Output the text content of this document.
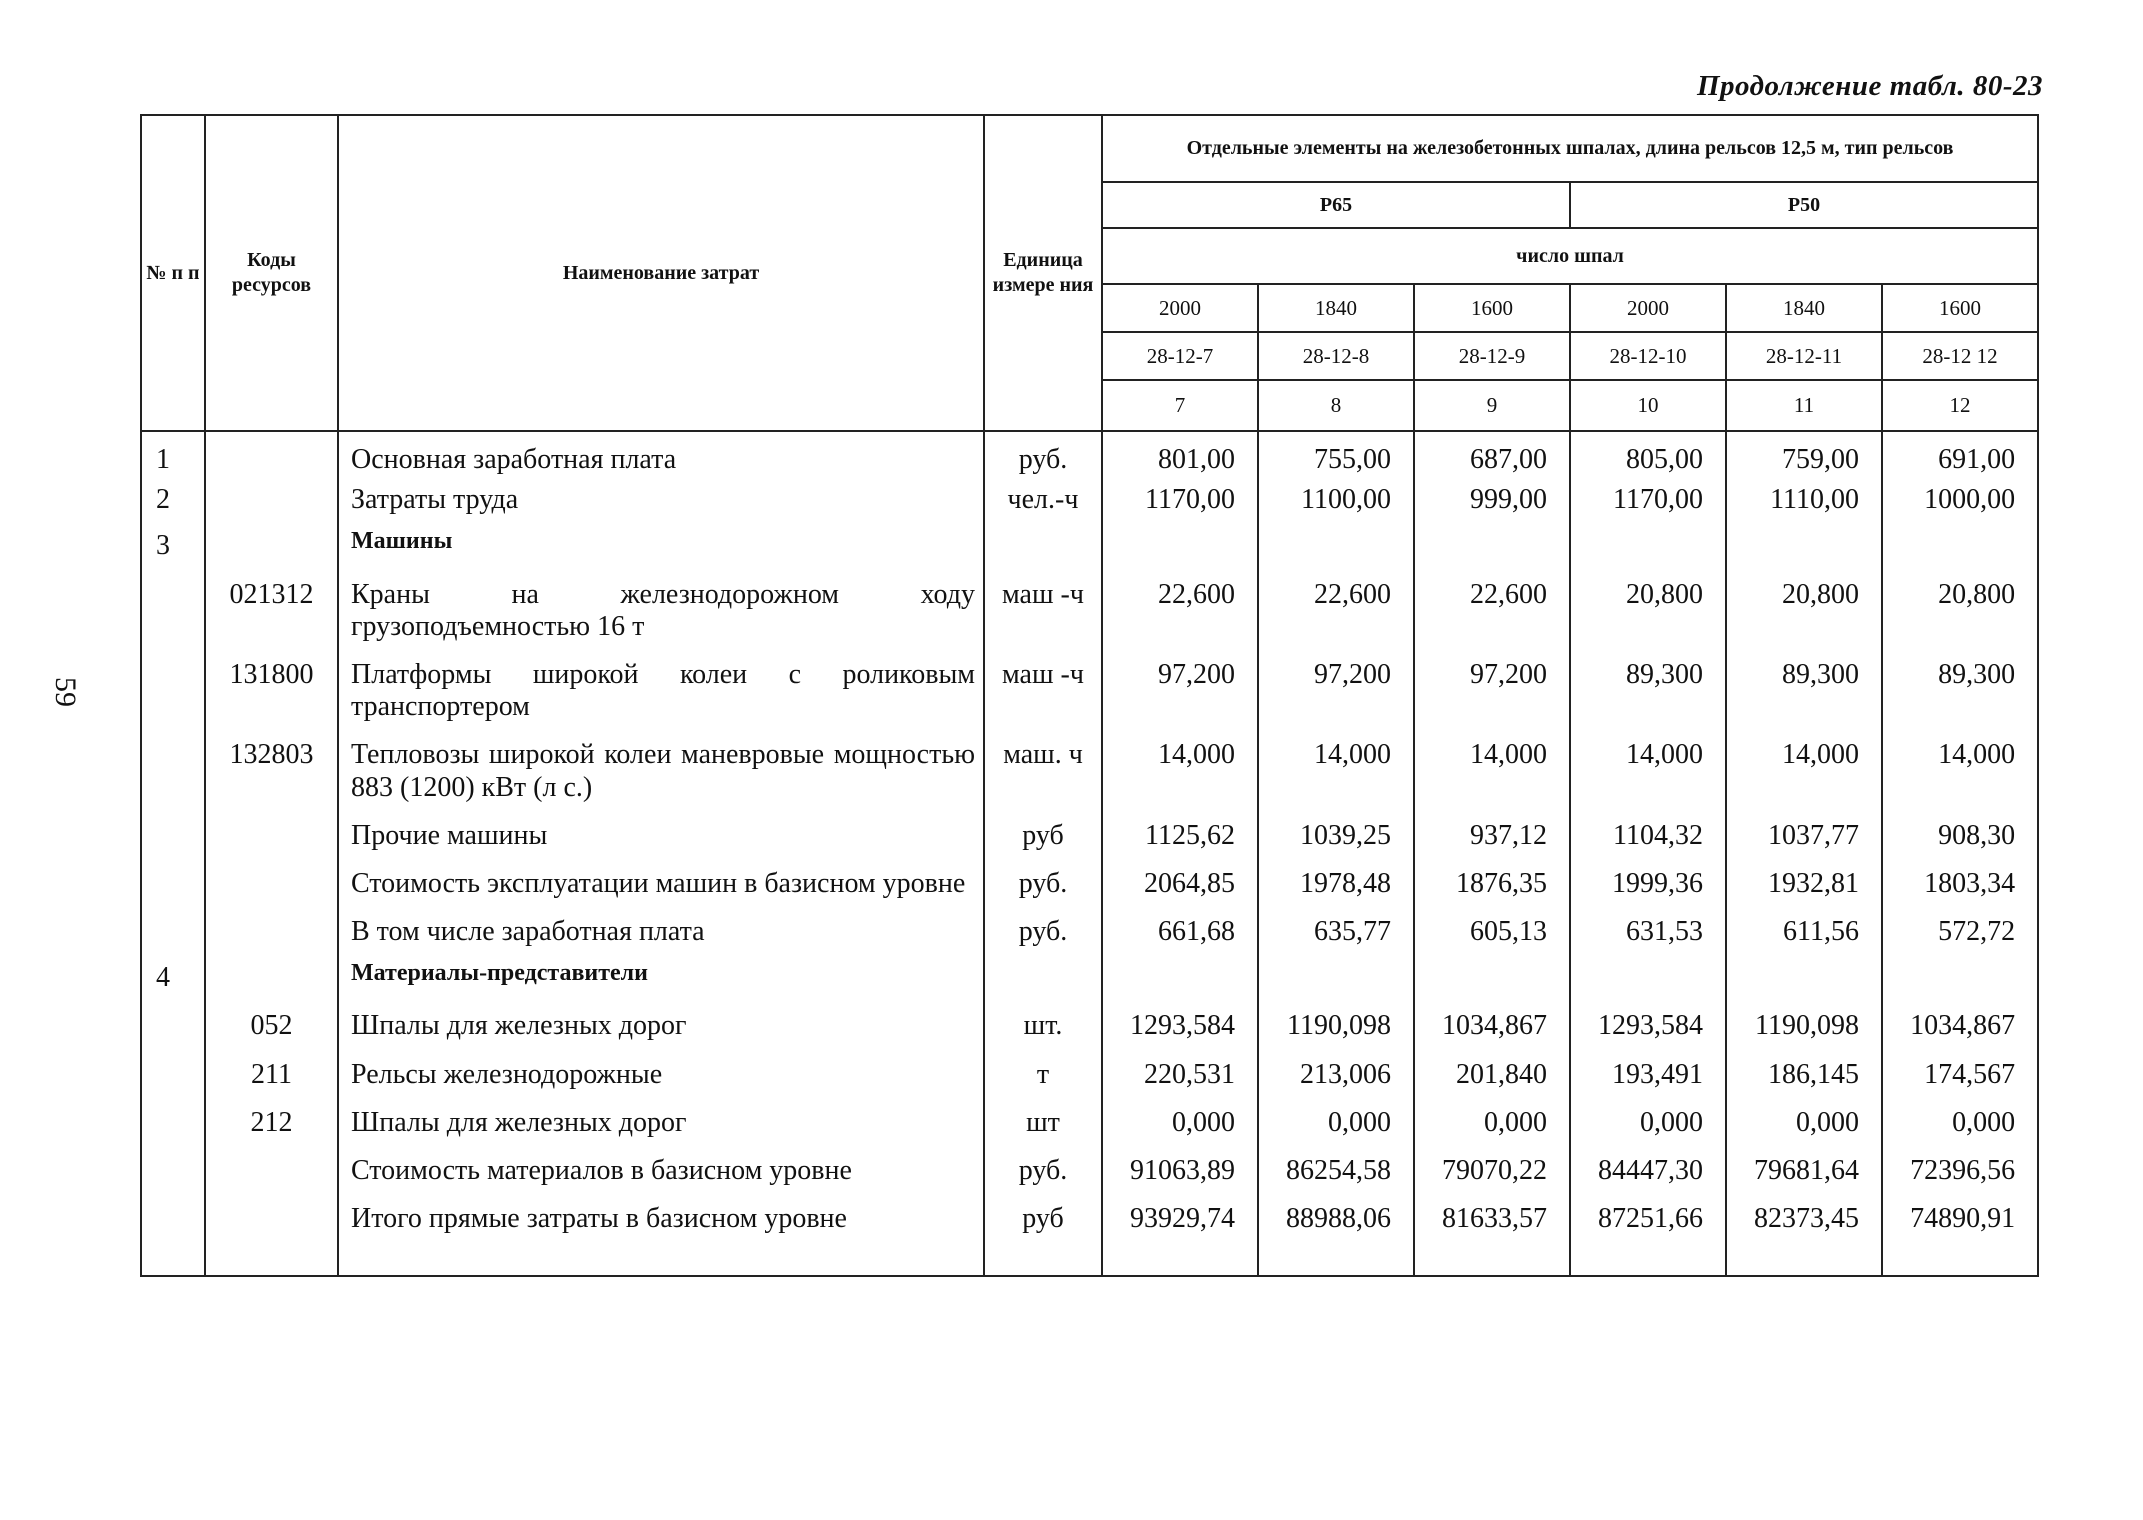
Продолжение табл. 80-23
59
№ п п	Коды ресурсов	Наименование затрат	Единица измере ния	Отдельные элементы на железобетонных шпалах, длина рельсов 12,5 м, тип рельсов					
				Р65			Р50		
				число шпал					
				2000	1840	1600	2000	1840	1600
				28-12-7	28-12-8	28-12-9	28-12-10	28-12-11	28-12 12
				7	8	9	10	11	12
1		Основная заработная плата	руб.	801,00	755,00	687,00	805,00	759,00	691,00
2		Затраты труда	чел.-ч	1170,00	1100,00	999,00	1170,00	1110,00	1000,00
3		Машины							
	021312	Краны на железнодорожном ходу грузоподъемностью 16 т	маш -ч	22,600	22,600	22,600	20,800	20,800	20,800
	131800	Платформы широкой колеи с роликовым транспортером	маш -ч	97,200	97,200	97,200	89,300	89,300	89,300
	132803	Тепловозы широкой колеи маневровые мощностью 883 (1200) кВт (л с.)	маш. ч	14,000	14,000	14,000	14,000	14,000	14,000
		Прочие машины	руб	1125,62	1039,25	937,12	1104,32	1037,77	908,30
		Стоимость эксплуатации машин в базисном уровне	руб.	2064,85	1978,48	1876,35	1999,36	1932,81	1803,34
		В том числе заработная плата	руб.	661,68	635,77	605,13	631,53	611,56	572,72
4		Материалы-представители							
	052	Шпалы для железных дорог	шт.	1293,584	1190,098	1034,867	1293,584	1190,098	1034,867
	211	Рельсы железнодорожные	т	220,531	213,006	201,840	193,491	186,145	174,567
	212	Шпалы для железных дорог	шт	0,000	0,000	0,000	0,000	0,000	0,000
		Стоимость материалов в базисном уровне	руб.	91063,89	86254,58	79070,22	84447,30	79681,64	72396,56
		Итого прямые затраты в базисном уровне	руб	93929,74	88988,06	81633,57	87251,66	82373,45	74890,91
